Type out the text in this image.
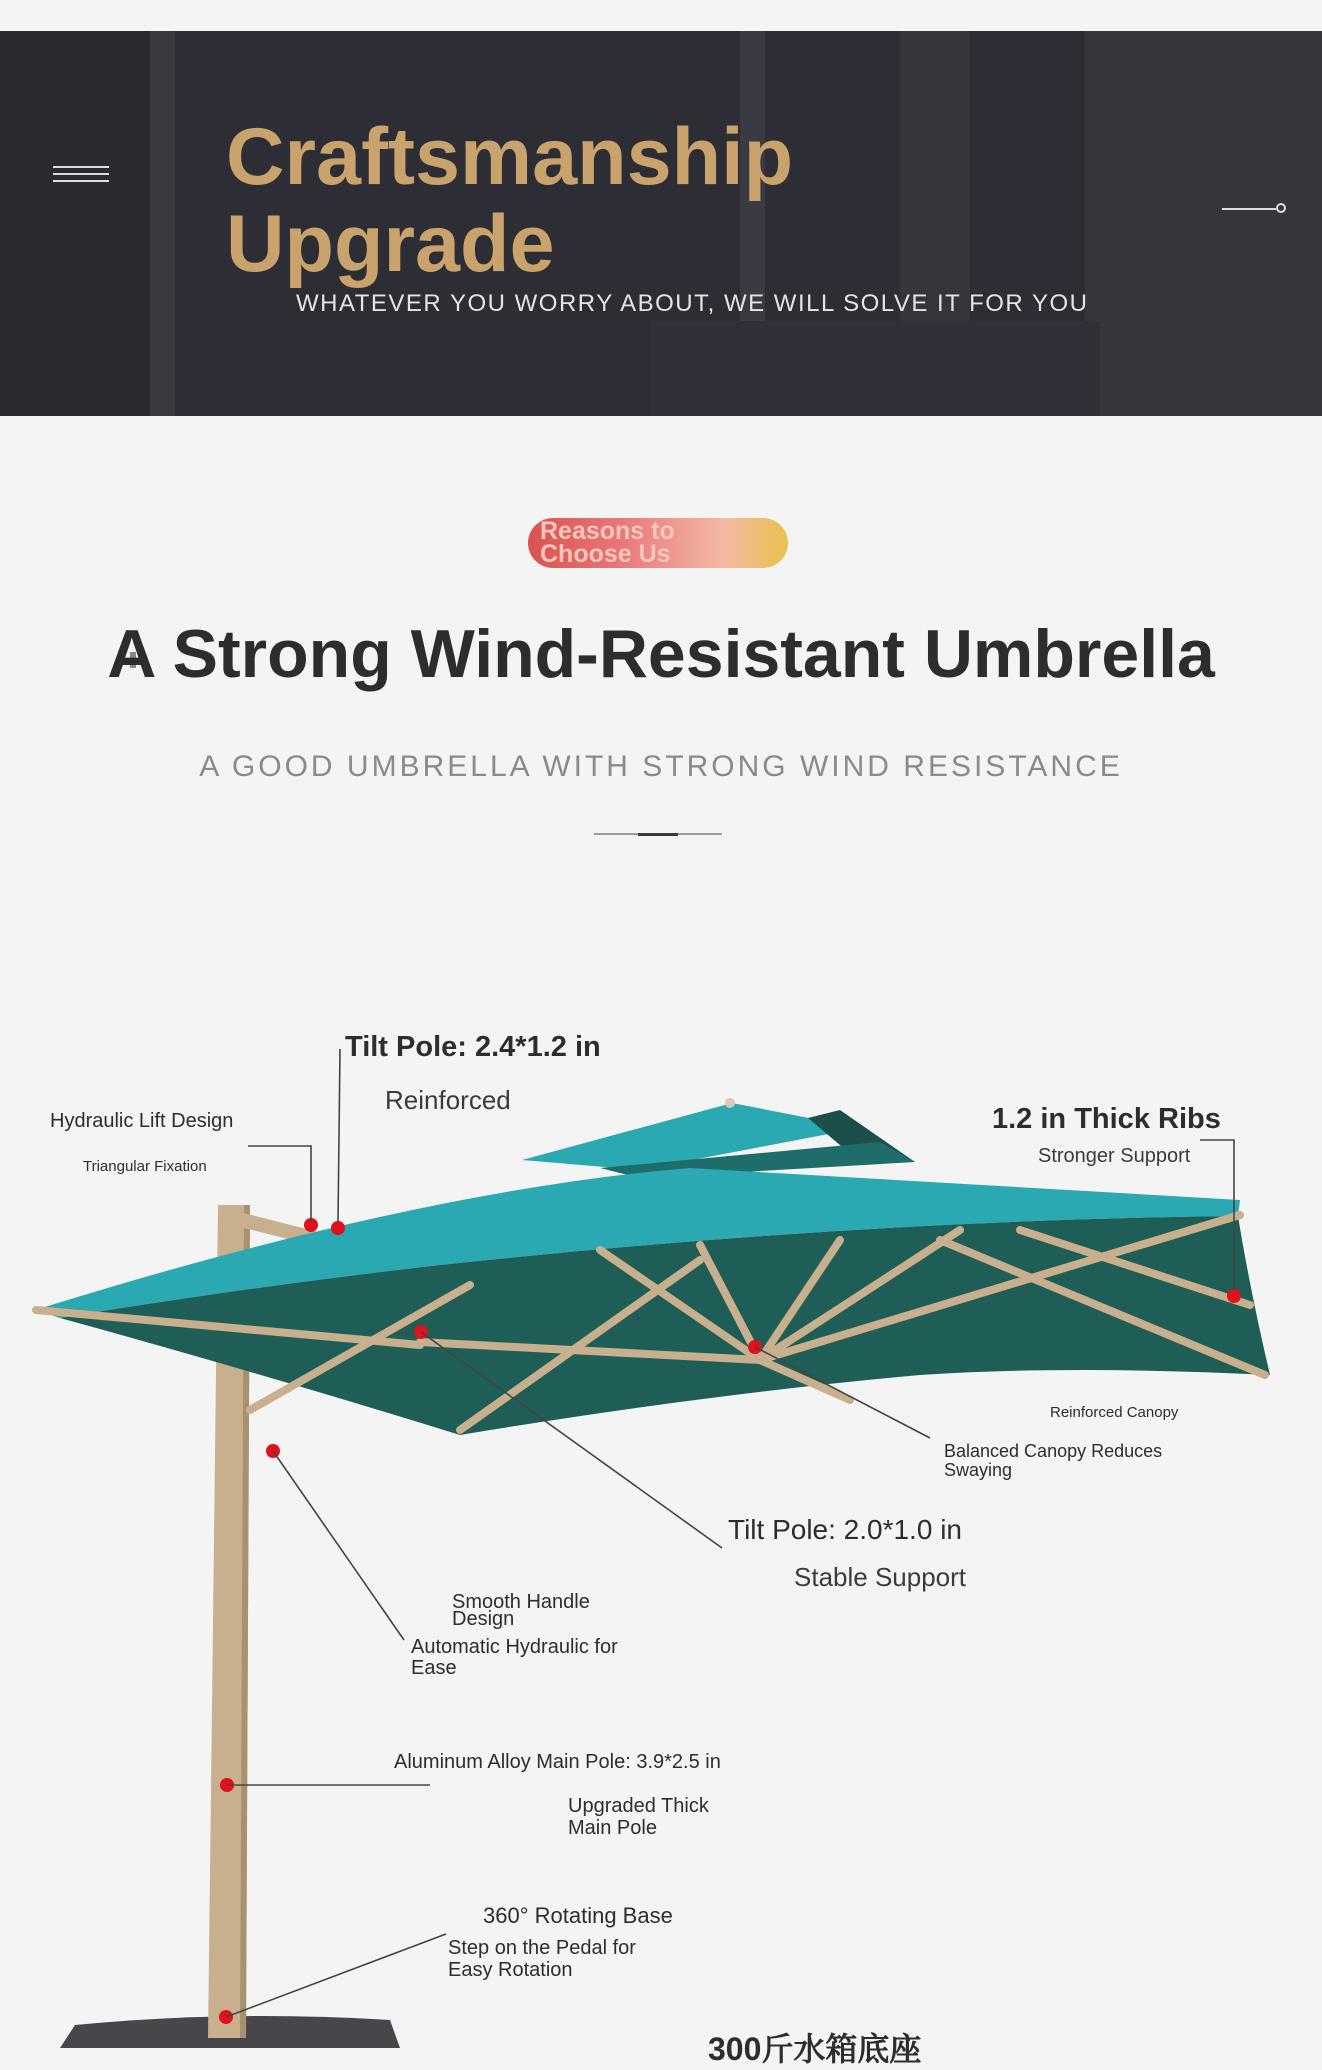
Craftsmanship
Upgrade
WHATEVER YOU WORRY ABOUT, WE WILL SOLVE IT FOR YOU
Reasons to Choose Us
A Strong Wind-Resistant Umbrella
A GOOD UMBRELLA WITH STRONG WIND RESISTANCE
Tilt Pole: 2.4*1.2 in
Reinforced
Hydraulic Lift Design
Triangular Fixation
1.2 in Thick Ribs
Stronger Support
Reinforced Canopy
Balanced Canopy Reduces Swaying
Tilt Pole: 2.0*1.0 in
Stable Support
Smooth Handle Design
Automatic Hydraulic for Ease
Aluminum Alloy Main Pole: 3.9*2.5 in
Upgraded Thick Main Pole
360° Rotating Base
Step on the Pedal for Easy Rotation
300斤水箱底座
